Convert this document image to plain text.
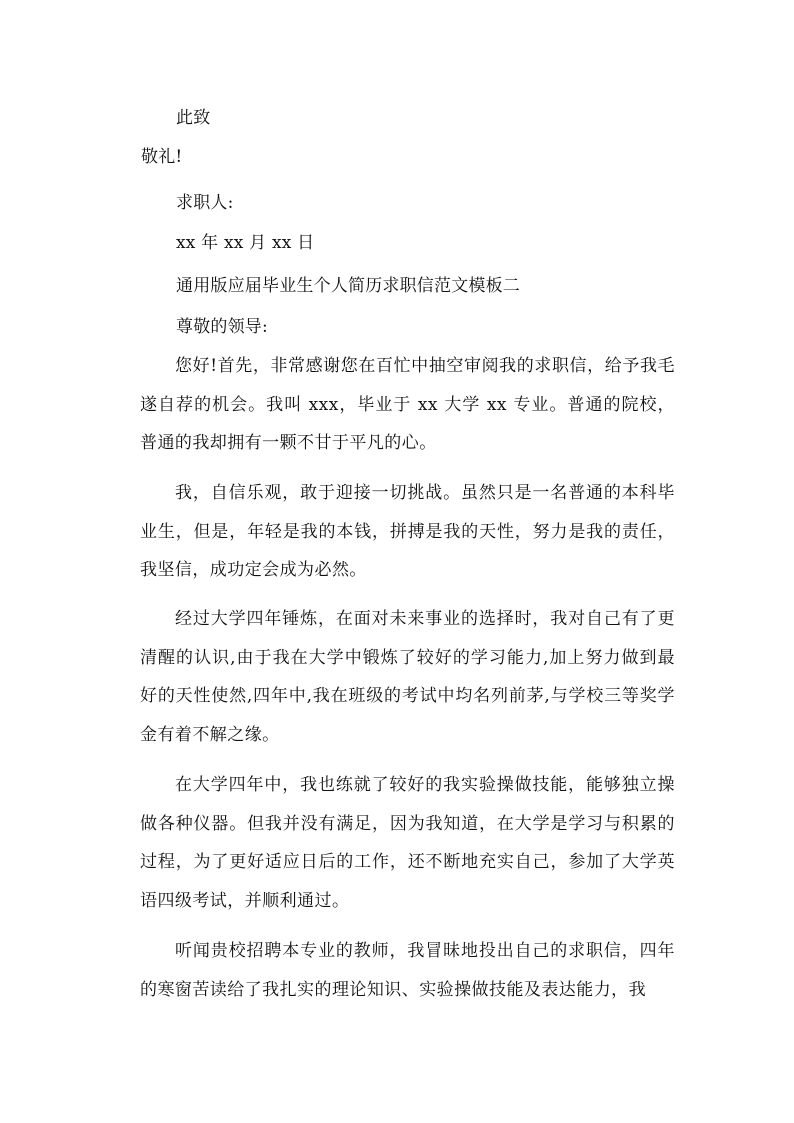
此致
敬礼!
求职人:
xx 年 xx 月 xx 日
通用版应届毕业生个人简历求职信范文模板二
尊敬的领导:
您好!首先，非常感谢您在百忙中抽空审阅我的求职信，给予我毛遂自荐的机会。我叫 xxx，毕业于 xx 大学 xx 专业。普通的院校，普通的我却拥有一颗不甘于平凡的心。
我，自信乐观，敢于迎接一切挑战。虽然只是一名普通的本科毕业生，但是，年轻是我的本钱，拼搏是我的天性，努力是我的责任，我坚信，成功定会成为必然。
经过大学四年锤炼，在面对未来事业的选择时，我对自己有了更清醒的认识,由于我在大学中锻炼了较好的学习能力,加上努力做到最好的天性使然,四年中,我在班级的考试中均名列前茅,与学校三等奖学金有着不解之缘。
在大学四年中，我也练就了较好的我实验操做技能，能够独立操做各种仪器。但我并没有满足，因为我知道，在大学是学习与积累的过程，为了更好适应日后的工作，还不断地充实自己，参加了大学英语四级考试，并顺利通过。
听闻贵校招聘本专业的教师，我冒昧地投出自己的求职信，四年的寒窗苦读给了我扎实的理论知识、实验操做技能及表达能力，我
